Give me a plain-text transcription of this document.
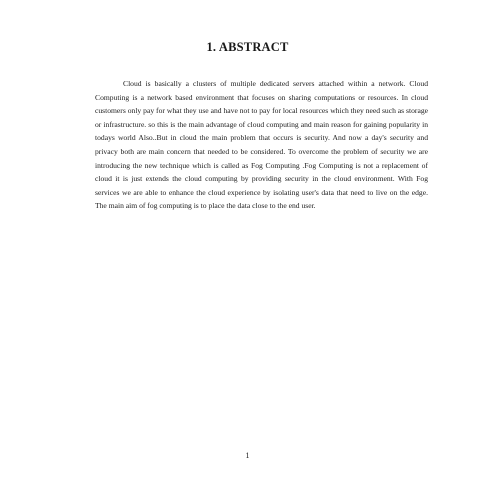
1. ABSTRACT

Cloud is basically a clusters of multiple dedicated servers attached within a network. Cloud Computing is a network based environment that focuses on sharing computations or resources. In cloud customers only pay for what they use and have not to pay for local resources which they need such as storage or infrastructure. so this is the main advantage of cloud computing and main reason for gaining popularity in todays world Also..But in cloud the main problem that occurs is security. And now a day's security and privacy both are main concern that needed to be considered. To overcome the problem of security we are introducing the new technique which is called as Fog Computing .Fog Computing is not a replacement of cloud it is just extends the cloud computing by providing security in the cloud environment. With Fog services we are able to enhance the cloud experience by isolating user's data that need to live on the edge. The main aim of fog computing is to place the data close to the end user.

1
